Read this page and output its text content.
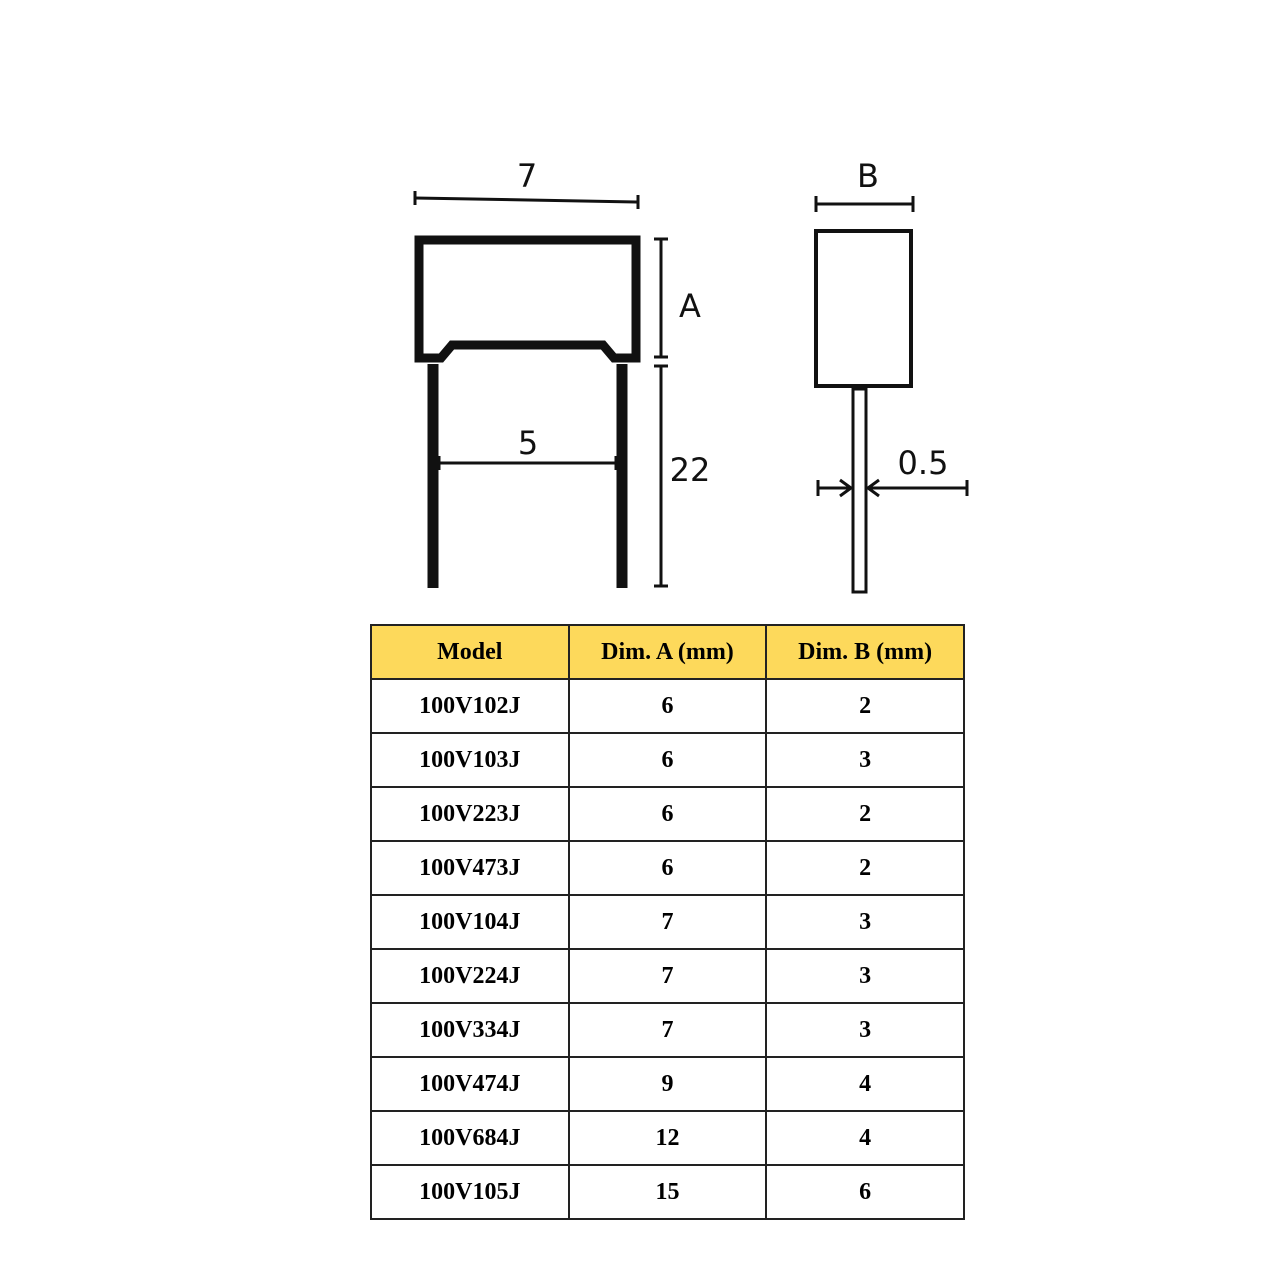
7
5
A
22
B
0.5
Model	Dim. A (mm)	Dim. B (mm)
100V102J	6	2
100V103J	6	3
100V223J	6	2
100V473J	6	2
100V104J	7	3
100V224J	7	3
100V334J	7	3
100V474J	9	4
100V684J	12	4
100V105J	15	6
